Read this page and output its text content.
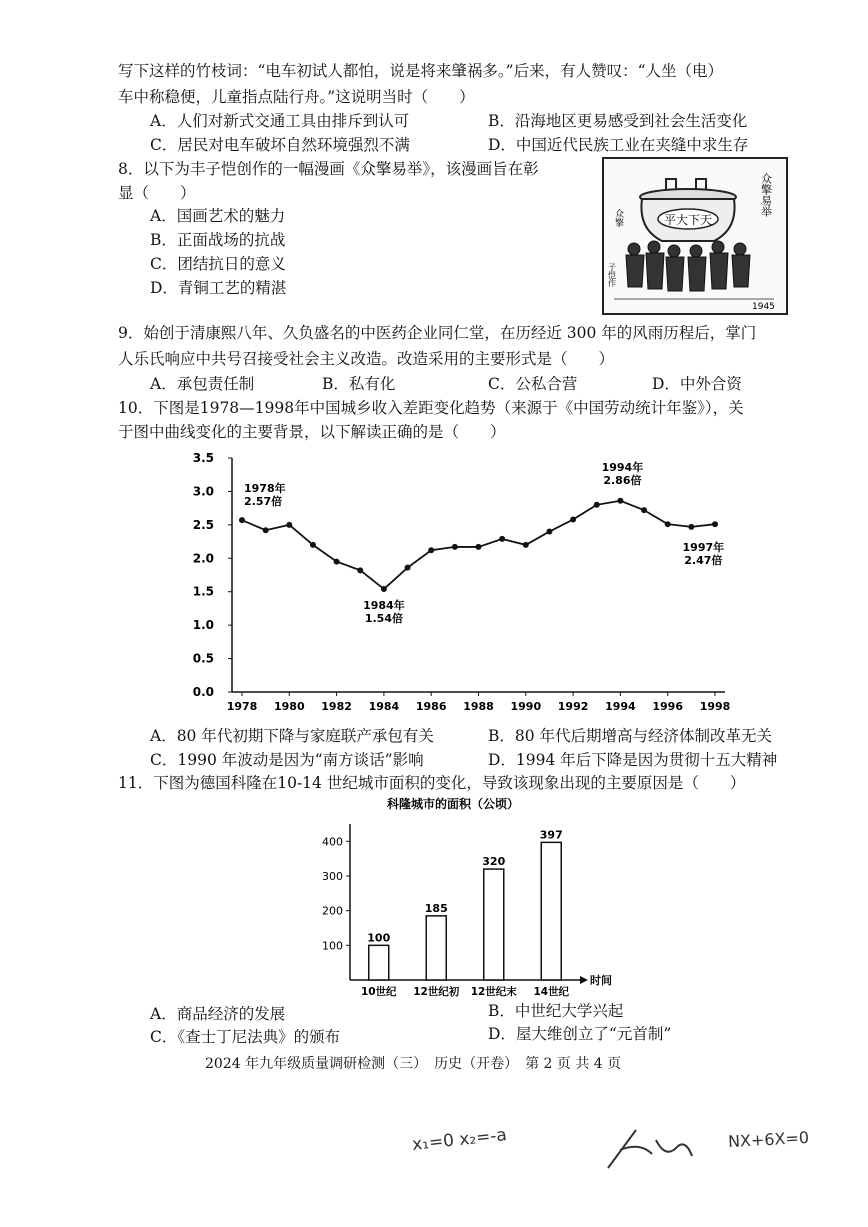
写下这样的竹枝词：“电车初试人都怕，说是将来肇祸多。”后来，有人赞叹：“人坐（电）
车中称稳便，儿童指点陆行舟。”这说明当时（　　）
A．人们对新式交通工具由排斥到认可	B．沿海地区更易感受到社会生活变化
C．居民对电车破坏自然环境强烈不满	D．中国近代民族工业在夹缝中求生存
8．以下为丰子恺创作的一幅漫画《众擎易举》，该漫画旨在彰
显（　　）
A．国画艺术的魅力
B．正面战场的抗战
C．团结抗日的意义
D．青铜工艺的精湛
平大下天
众擎易举
众擎
子恺作
1945
9．始创于清康熙八年、久负盛名的中医药企业同仁堂，在历经近 300 年的风雨历程后，掌门
人乐氏响应中共号召接受社会主义改造。改造采用的主要形式是（　　）
A．承包责任制	B．私有化	C．公私合营	D．中外合资
10．下图是1978—1998年中国城乡收入差距变化趋势（来源于《中国劳动统计年鉴》），关
于图中曲线变化的主要背景，以下解读正确的是（　　）
0.0
0.5
1.0
1.5
2.0
2.5
3.0
3.5
1978 1980 1982 1984 1986 1988 1990 1992 1994 1996 1998
1978年
2.57倍
1984年
1.54倍
1994年
2.86倍
1997年
2.47倍
A．80 年代初期下降与家庭联产承包有关	B．80 年代后期增高与经济体制改革无关
C．1990 年波动是因为“南方谈话”影响	D．1994 年后下降是因为贯彻十五大精神
11．下图为德国科隆在10-14 世纪城市面积的变化，导致该现象出现的主要原因是（　　）
科隆城市的面积（公顷）
时间
100
200
300
400
100
10世纪
185
12世纪初
320
12世纪末
397
14世纪
A．商品经济的发展	B．中世纪大学兴起
C．《查士丁尼法典》的颁布	D．屋大维创立了“元首制”
2024 年九年级质量调研检测（三）　历史（开卷）　第 2 页 共 4 页
x₁=0 x₂=-a	NX+6X=0
